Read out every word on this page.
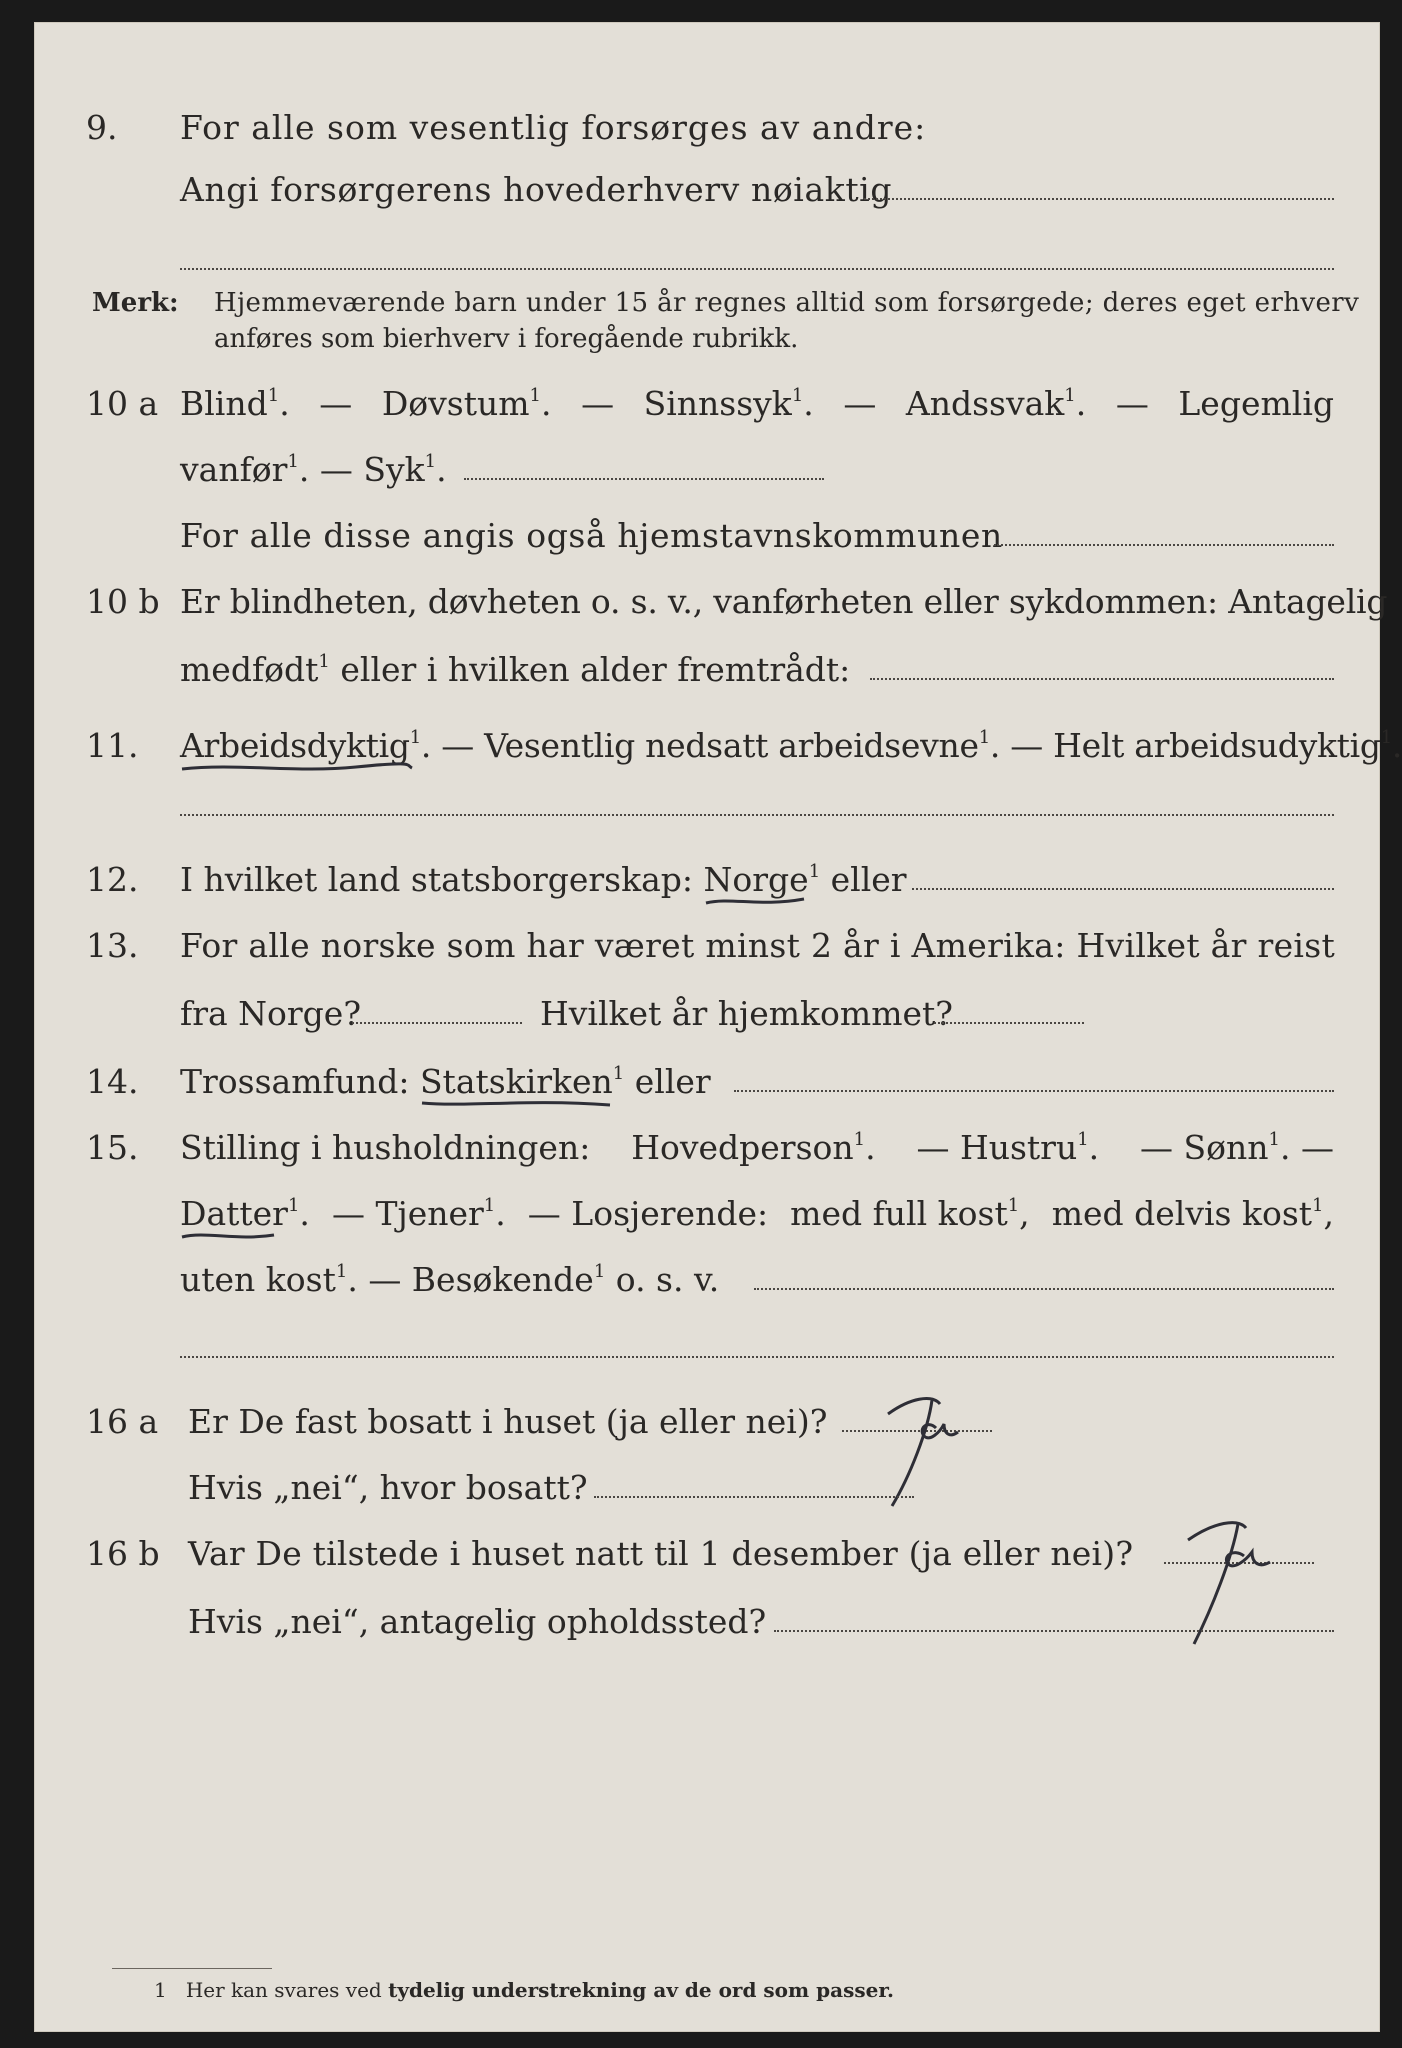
9.	For alle som vesentlig forsørges av andre:
Angi forsørgerens hovederhverv nøiaktig
Merk: Hjemmeværende barn under 15 år regnes alltid som forsørgede; deres eget erhverv
anføres som bierhverv i foregående rubrikk.
10 a Blind$^1$. — Døvstum$^1$. — Sinnssyk$^1$. — Andssvak$^1$. — Legemlig
vanfør$^1$. — Syk$^1$.
For alle disse angis også hjemstavnskommunen
10 b Er blindheten, døvheten o. s. v., vanførheten eller sykdommen: Antagelig
medfødt$^1$ eller i hvilken alder fremtrådt:
11.	Arbeidsdyktig$^1$.
— Vesentlig nedsatt arbeidsevne$^1$. — Helt arbeidsudyktig$^1$.
12.	I hvilket land statsborgerskap: Norge
$^1$ eller
13.	For alle norske som har været minst 2 år i Amerika: Hvilket år reist
fra Norge?	Hvilket år hjemkommet?
14.	Trossamfund: Statskirken
$^1$ eller
15.	Stilling i husholdningen: Hovedperson$^1$. — Hustru$^1$. — Sønn$^1$. —
Datter$^1$. — Tjener$^1$. — Losjerende: med full kost$^1$, med delvis kost$^1$,
uten kost$^1$. — Besøkende$^1$ o. s. v.
16 a Er De fast bosatt i huset (ja eller nei)?
Hvis „nei“, hvor bosatt?
16 b Var De tilstede i huset natt til 1 desember (ja eller nei)?
Hvis „nei“, antagelig opholdssted?
1 Her kan svares ved tydelig understrekning av de ord som passer.
